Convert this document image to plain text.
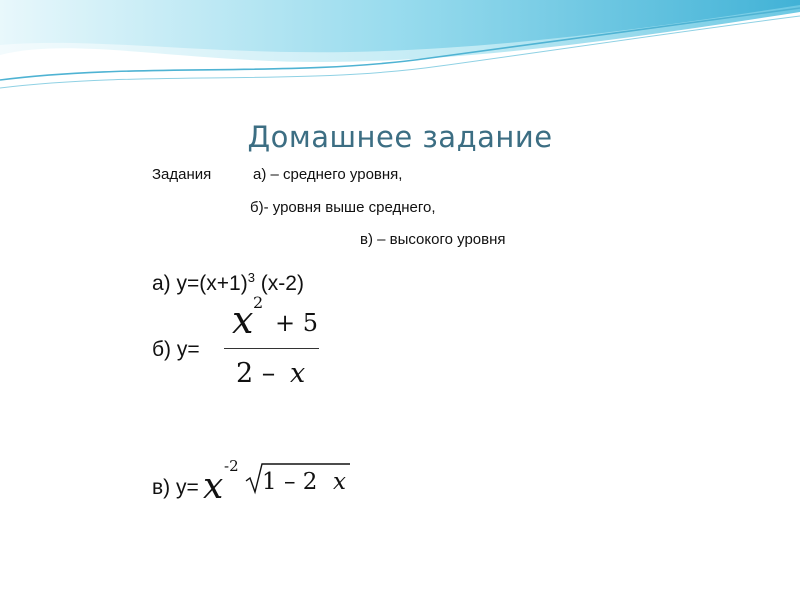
Домашнее задание
Задания	а) – среднего уровня,
б)- уровня выше среднего,
в) – высокого уровня
а) $y=(x+1)^3$ (x-2)
б) y=
x 2
+ 5
2 – x
в) y= x -2
1 – 2 x
